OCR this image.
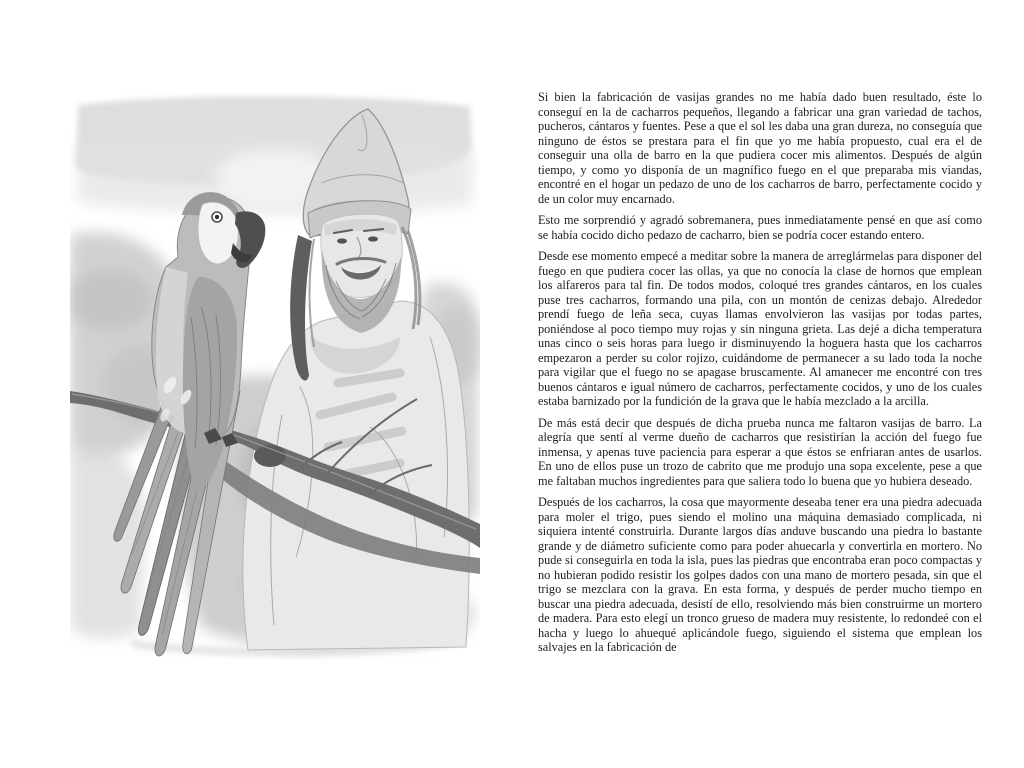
Si bien la fabricación de vasijas grandes no me había dado buen resultado, éste lo conseguí en la de cacharros pequeños, llegando a fabricar una gran variedad de tachos, pucheros, cántaros y fuentes. Pese a que el sol les daba una gran dureza, no conseguía que ninguno de éstos se prestara para el fin que yo me había propuesto, cual era el de conseguir una olla de barro en la que pudiera cocer mis alimentos. Después de algún tiempo, y como yo disponía de un magnífico fuego en el que preparaba mis viandas, encontré en el hogar un pedazo de uno de los cacharros de barro, perfectamente cocido y de un color muy encarnado.

Esto me sorprendió y agradó sobremanera, pues inmediatamente pensé en que así como se había cocido dicho pedazo de cacharro, bien se podría cocer estando entero.

Desde ese momento empecé a meditar sobre la manera de arreglármelas para disponer del fuego en que pudiera cocer las ollas, ya que no conocía la clase de hornos que emplean los alfareros para tal fin. De todos modos, coloqué tres grandes cántaros, en los cuales puse tres cacharros, formando una pila, con un montón de cenizas debajo. Alrededor prendí fuego de leña seca, cuyas llamas envolvieron las vasijas por todas partes, poniéndose al poco tiempo muy rojas y sin ninguna grieta. Las dejé a dicha temperatura unas cinco o seis horas para luego ir disminuyendo la hoguera hasta que los cacharros empezaron a perder su color rojizo, cuidándome de permanecer a su lado toda la noche para vigilar que el fuego no se apagase bruscamente. Al amanecer me encontré con tres buenos cántaros e igual número de cacharros, perfectamente cocidos, y uno de los cuales estaba barnizado por la fundición de la grava que le había mezclado a la arcilla.

De más está decir que después de dicha prueba nunca me faltaron vasijas de barro. La alegría que sentí al verme dueño de cacharros que resistirían la acción del fuego fue inmensa, y apenas tuve paciencia para esperar a que éstos se enfriaran antes de usarlos. En uno de ellos puse un trozo de cabrito que me produjo una sopa excelente, pese a que me faltaban muchos ingredientes para que saliera todo lo buena que yo hubiera deseado.

Después de los cacharros, la cosa que mayormente deseaba tener era una piedra adecuada para moler el trigo, pues siendo el molino una máquina demasiado complicada, ni siquiera intenté construirla. Durante largos días anduve buscando una piedra lo bastante grande y de diámetro suficiente como para poder ahuecarla y convertirla en mortero. No pude si conseguirla en toda la isla, pues las piedras que encontraba eran poco compactas y no hubieran podido resistir los golpes dados con una mano de mortero pesada, sin que el trigo se mezclara con la grava. En esta forma, y después de perder mucho tiempo en buscar una piedra adecuada, desistí de ello, resolviendo más bien construirme un mortero de madera. Para esto elegí un tronco grueso de madera muy resistente, lo redondeé con el hacha y luego lo ahuequé aplicándole fuego, siguiendo el sistema que emplean los salvajes en la fabricación de
